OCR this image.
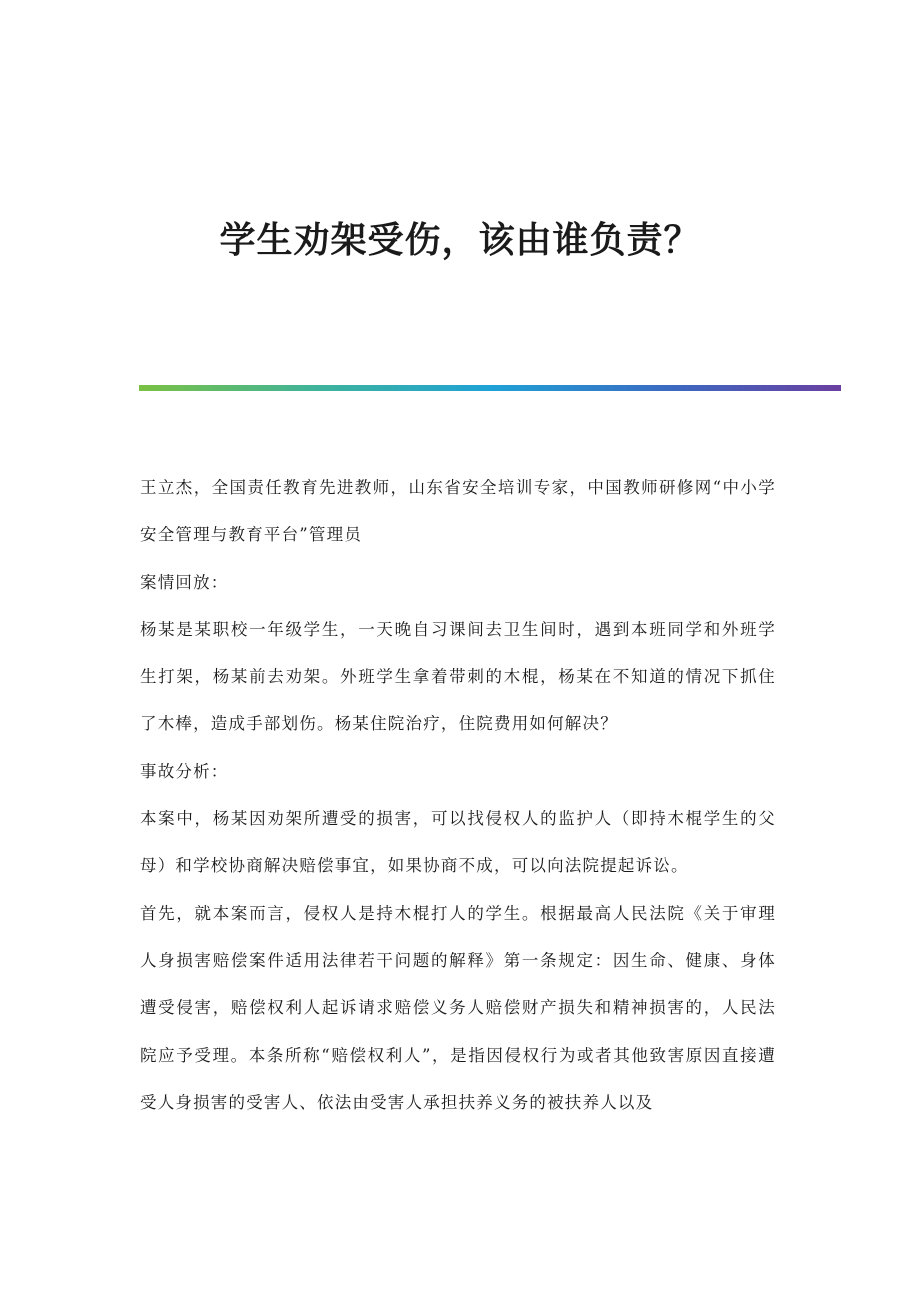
学生劝架受伤，该由谁负责？

王立杰，全国责任教育先进教师，山东省安全培训专家，中国教师研修网“中小学安全管理与教育平台”管理员

案情回放：

杨某是某职校一年级学生，一天晚自习课间去卫生间时，遇到本班同学和外班学生打架，杨某前去劝架。外班学生拿着带刺的木棍，杨某在不知道的情况下抓住了木棒，造成手部划伤。杨某住院治疗，住院费用如何解决？

事故分析：

本案中，杨某因劝架所遭受的损害，可以找侵权人的监护人（即持木棍学生的父母）和学校协商解决赔偿事宜，如果协商不成，可以向法院提起诉讼。

首先，就本案而言，侵权人是持木棍打人的学生。根据最高人民法院《关于审理人身损害赔偿案件适用法律若干问题的解释》第一条规定：因生命、健康、身体遭受侵害，赔偿权利人起诉请求赔偿义务人赔偿财产损失和精神损害的，人民法院应予受理。本条所称“赔偿权利人”，是指因侵权行为或者其他致害原因直接遭受人身损害的受害人、依法由受害人承担扶养义务的被扶养人以及
